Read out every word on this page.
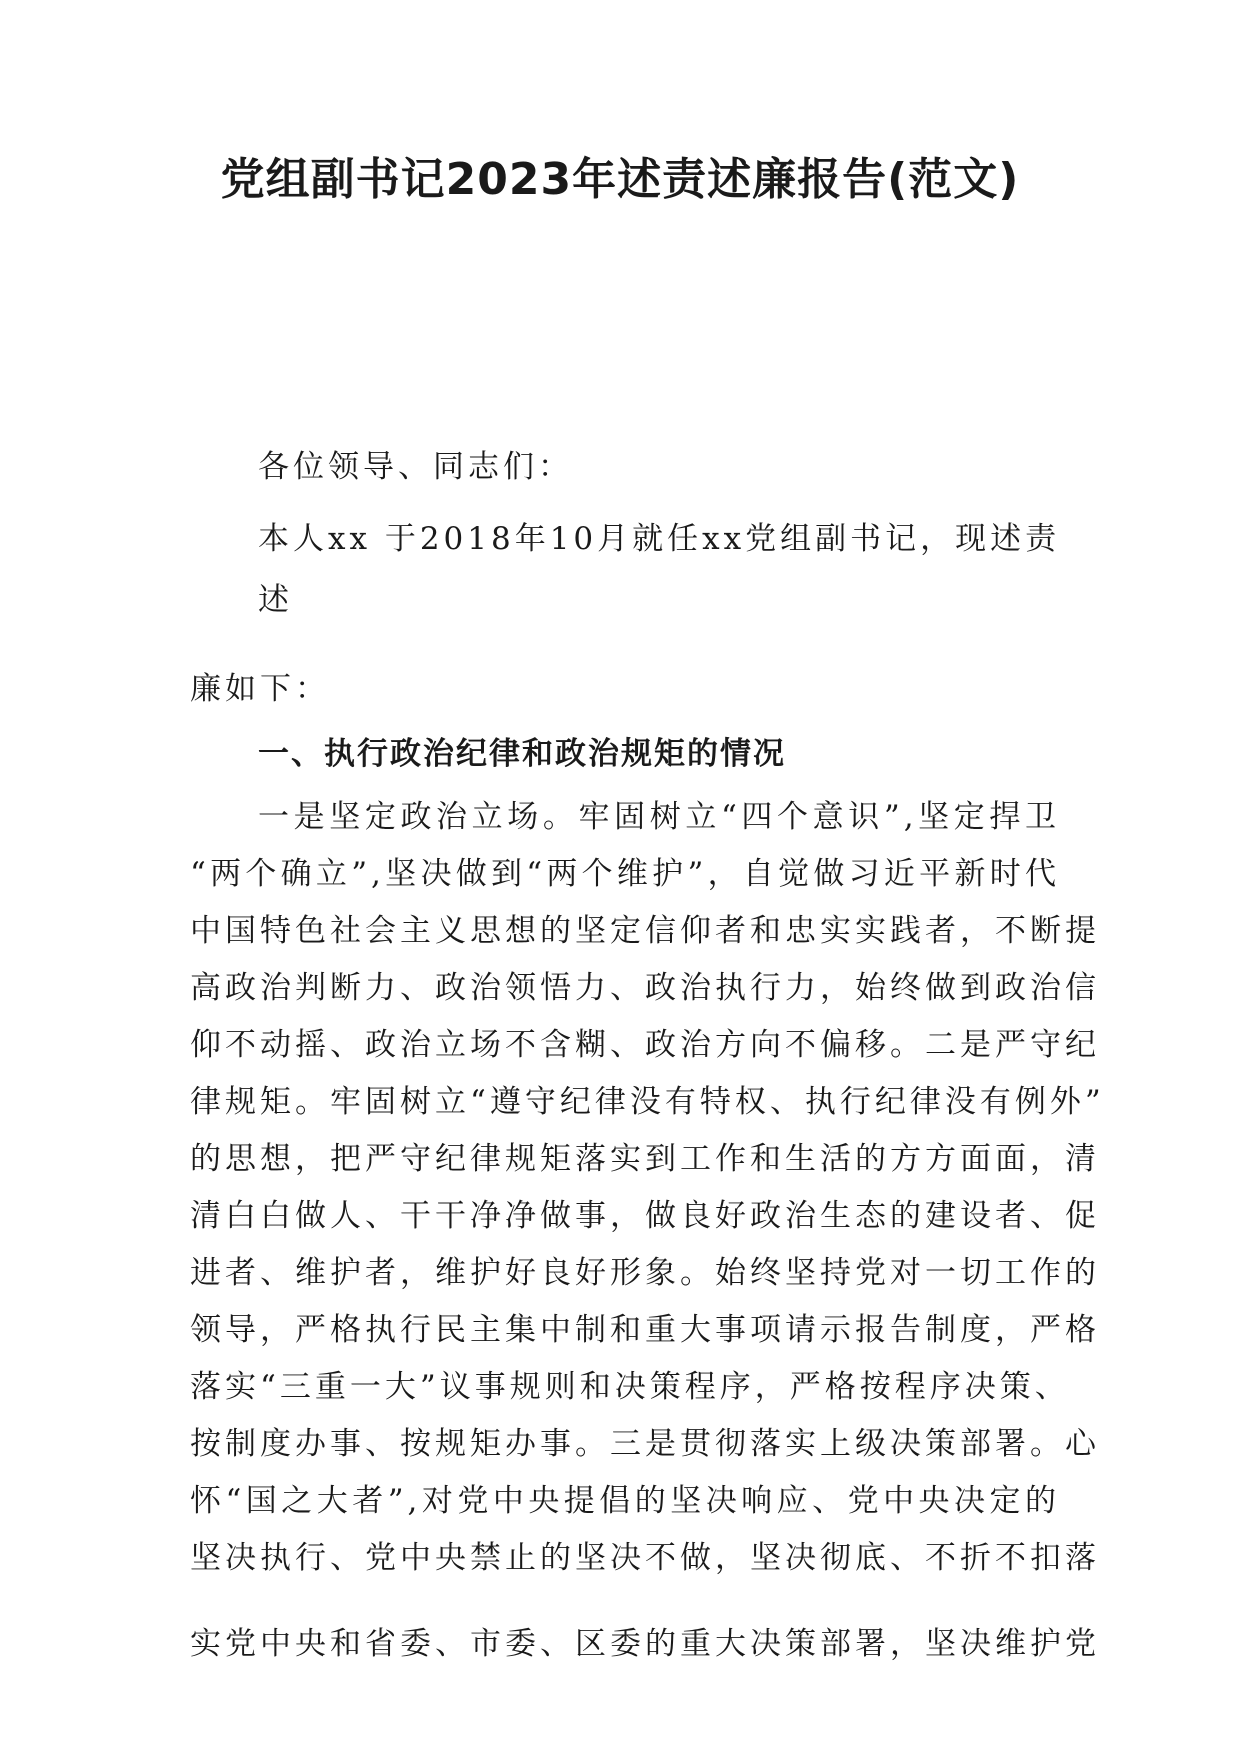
党组副书记2023年述责述廉报告(范文)

各位领导、同志们：

本人xx 于2018年10月就任xx党组副书记，现述责

述

廉如下：

一、执行政治纪律和政治规矩的情况

一是坚定政治立场。牢固树立“四个意识”,坚定捍卫

“两个确立”,坚决做到“两个维护”，自觉做习近平新时代

中国特色社会主义思想的坚定信仰者和忠实实践者，不断提

高政治判断力、政治领悟力、政治执行力，始终做到政治信

仰不动摇、政治立场不含糊、政治方向不偏移。二是严守纪

律规矩。牢固树立“遵守纪律没有特权、执行纪律没有例外”

的思想，把严守纪律规矩落实到工作和生活的方方面面，清

清白白做人、干干净净做事，做良好政治生态的建设者、促

进者、维护者，维护好良好形象。始终坚持党对一切工作的

领导，严格执行民主集中制和重大事项请示报告制度，严格

落实“三重一大”议事规则和决策程序，严格按程序决策、

按制度办事、按规矩办事。三是贯彻落实上级决策部署。心

怀“国之大者”,对党中央提倡的坚决响应、党中央决定的

坚决执行、党中央禁止的坚决不做，坚决彻底、不折不扣落

实党中央和省委、市委、区委的重大决策部署，坚决维护党
